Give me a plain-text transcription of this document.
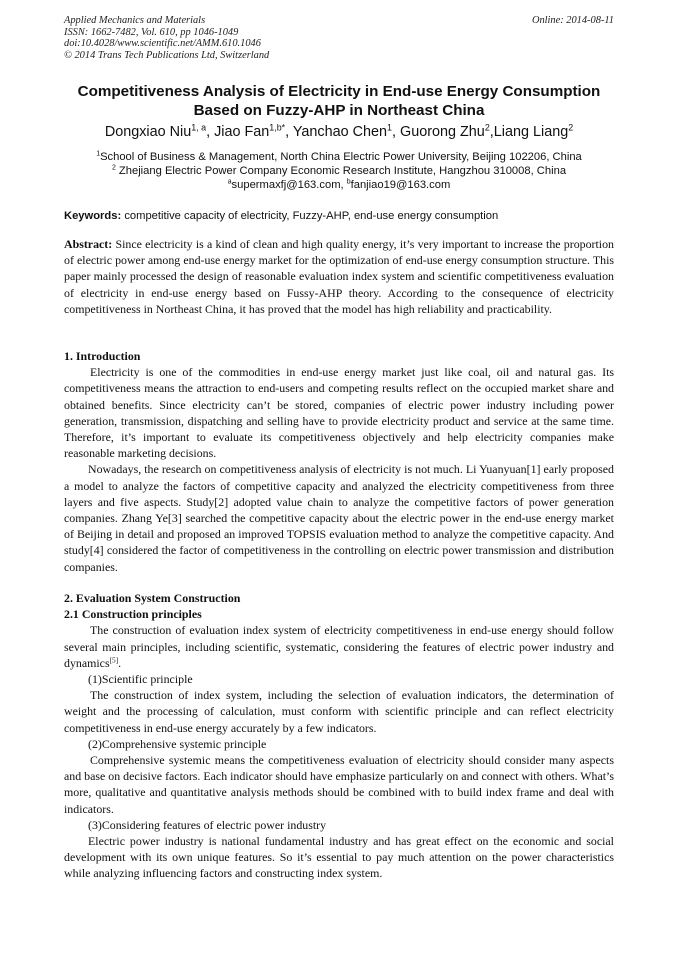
Applied Mechanics and Materials
ISSN: 1662-7482, Vol. 610, pp 1046-1049
doi:10.4028/www.scientific.net/AMM.610.1046
© 2014 Trans Tech Publications Ltd, Switzerland
Online: 2014-08-11
Competitiveness Analysis of Electricity in End-use Energy Consumption
Based on Fuzzy-AHP in Northeast China
Dongxiao Niu$^{1, a}$, Jiao Fan$^{1,b*}$, Yanchao Chen$^1$, Guorong Zhu$^2$,Liang Liang$^2$
$^1$School of Business & Management, North China Electric Power University, Beijing 102206, China
$^2$ Zhejiang Electric Power Company Economic Research Institute, Hangzhou 310008, China
$^a$supermaxfj@163.com, $^b$fanjiao19@163.com
Keywords: competitive capacity of electricity, Fuzzy-AHP, end-use energy consumption

Abstract: Since electricity is a kind of clean and high quality energy, it’s very important to increase the proportion of electric power among end-use energy market for the optimization of end-use energy consumption structure. This paper mainly processed the design of reasonable evaluation index system and scientific competitiveness evaluation of electricity in end-use energy based on Fussy-AHP theory. According to the consequence of electricity competitiveness in Northeast China, it has proved that the model has high reliability and practicability.

1. Introduction

Electricity is one of the commodities in end-use energy market just like coal, oil and natural gas. Its competitiveness means the attraction to end-users and competing results reflect on the occupied market share and obtained benefits. Since electricity can’t be stored, companies of electric power industry including power generation, transmission, dispatching and selling have to provide electricity product and service at the same time. Therefore, it’s important to evaluate its competitiveness objectively and help electricity companies make reasonable marketing decisions.

Nowadays, the research on competitiveness analysis of electricity is not much. Li Yuanyuan[1] early proposed a model to analyze the factors of competitive capacity and analyzed the electricity competitiveness from three layers and five aspects. Study[2] adopted value chain to analyze the competitive factors of power generation companies. Zhang Ye[3] searched the competitive capacity about the electric power in the end-use energy market of Beijing in detail and proposed an improved TOPSIS evaluation method to analyze the competitive capacity. And study[4] considered the factor of competitiveness in the controlling on electric power transmission and distribution companies.

2. Evaluation System Construction

2.1 Construction principles

The construction of evaluation index system of electricity competitiveness in end-use energy should follow several main principles, including scientific, systematic, considering the features of electric power industry and dynamics[5].

(1)Scientific principle

The construction of index system, including the selection of evaluation indicators, the determination of weight and the processing of calculation, must conform with scientific principle and can reflect electricity competitiveness in end-use energy accurately by a few indicators.

(2)Comprehensive systemic principle

Comprehensive systemic means the competitiveness evaluation of electricity should consider many aspects and base on decisive factors. Each indicator should have emphasize particularly on and connect with others. What’s more, qualitative and quantitative analysis methods should be combined with to build index frame and deal with indicators.

(3)Considering features of electric power industry

Electric power industry is national fundamental industry and has great effect on the economic and social development with its own unique features. So it’s essential to pay much attention on the power characteristics while analyzing influencing factors and constructing index system.
